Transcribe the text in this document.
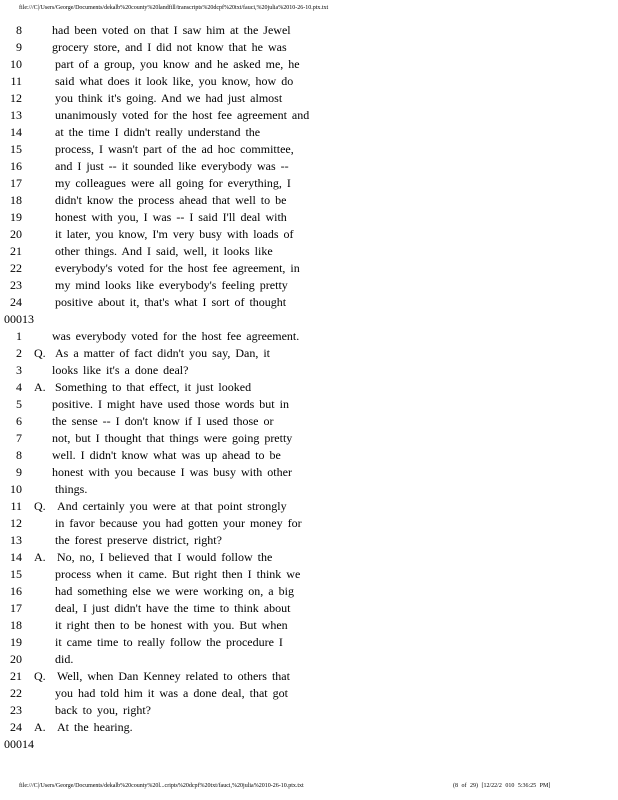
file:///C|/Users/George/Documents/dekalb%20county%20landfill/transcripts%20dcpf%20txt/fauci,%20julia%2010-26-10.ptx.txt
8	had been voted on that I saw him at the Jewel
9	grocery store, and I did not know that he was
10	part of a group, you know and he asked me, he
11	said what does it look like, you know, how do
12	you think it's going. And we had just almost
13	unanimously voted for the host fee agreement and
14	at the time I didn't really understand the
15	process, I wasn't part of the ad hoc committee,
16	and I just -- it sounded like everybody was --
17	my colleagues were all going for everything, I
18	didn't know the process ahead that well to be
19	honest with you, I was -- I said I'll deal with
20	it later, you know, I'm very busy with loads of
21	other things. And I said, well, it looks like
22	everybody's voted for the host fee agreement, in
23	my mind looks like everybody's feeling pretty
24	positive about it, that's what I sort of thought
00013
1	was everybody voted for the host fee agreement.
2 Q. As a matter of fact didn't you say, Dan, it
3	looks like it's a done deal?
4 A. Something to that effect, it just looked
5	positive. I might have used those words but in
6	the sense -- I don't know if I used those or
7	not, but I thought that things were going pretty
8	well. I didn't know what was up ahead to be
9	honest with you because I was busy with other
10	things.
11 Q. And certainly you were at that point strongly
12	in favor because you had gotten your money for
13	the forest preserve district, right?
14 A. No, no, I believed that I would follow the
15	process when it came. But right then I think we
16	had something else we were working on, a big
17	deal, I just didn't have the time to think about
18	it right then to be honest with you. But when
19	it came time to really follow the procedure I
20	did.
21 Q. Well, when Dan Kenney related to others that
22	you had told him it was a done deal, that got
23	back to you, right?
24 A. At the hearing.
00014
file:///C|/Users/George/Documents/dekalb%20county%20l...cripts%20dcpf%20txt/fauci,%20julia%2010-26-10.ptx.txt	(8 of 29) [12/22/2 010 5:36:25 PM]
